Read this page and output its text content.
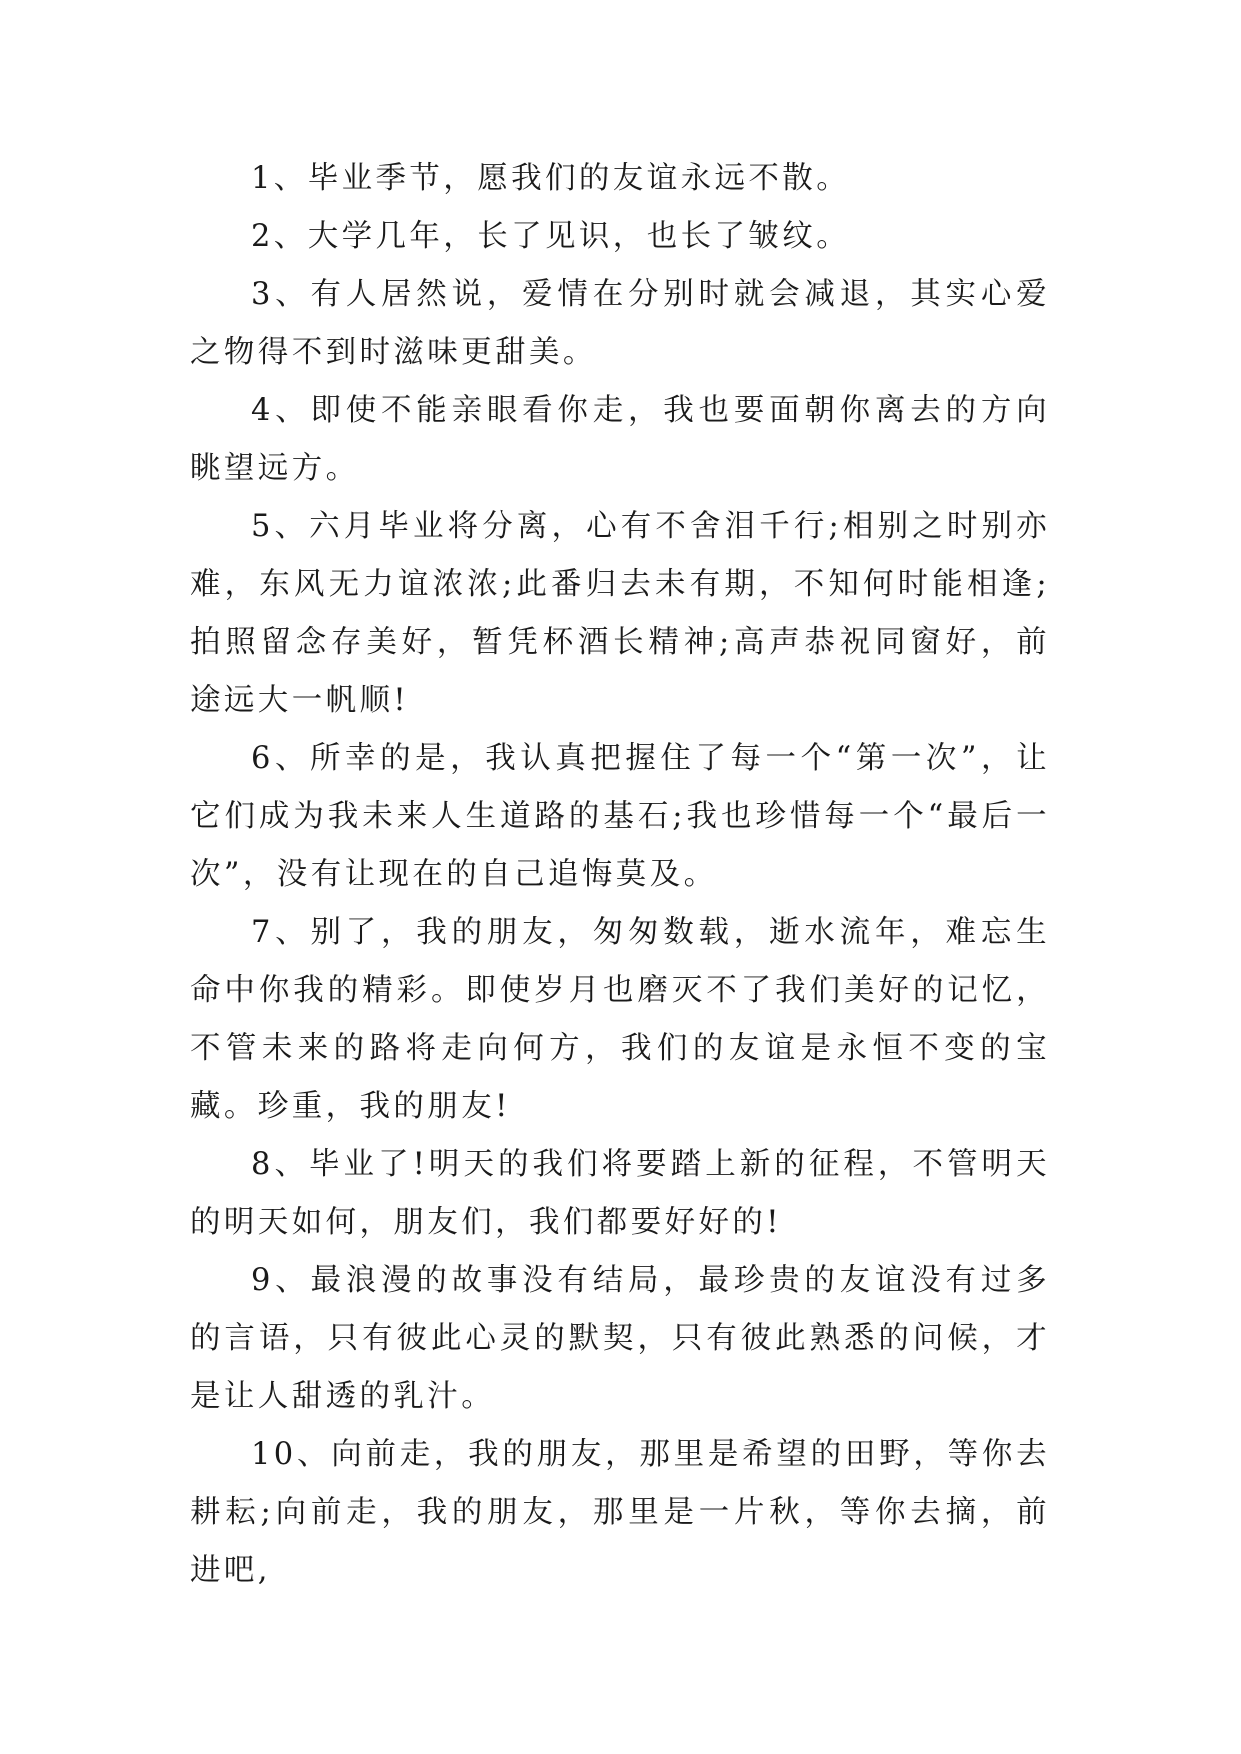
1、毕业季节，愿我们的友谊永远不散。

2、大学几年，长了见识，也长了皱纹。

3、有人居然说，爱情在分别时就会减退，其实心爱之物得不到时滋味更甜美。

4、即使不能亲眼看你走，我也要面朝你离去的方向眺望远方。

5、六月毕业将分离，心有不舍泪千行;相别之时别亦难，东风无力谊浓浓;此番归去未有期，不知何时能相逢;拍照留念存美好，暂凭杯酒长精神;高声恭祝同窗好，前途远大一帆顺!

6、所幸的是，我认真把握住了每一个“第一次”，让它们成为我未来人生道路的基石;我也珍惜每一个“最后一次”，没有让现在的自己追悔莫及。

7、别了，我的朋友，匆匆数载，逝水流年，难忘生命中你我的精彩。即使岁月也磨灭不了我们美好的记忆，不管未来的路将走向何方，我们的友谊是永恒不变的宝藏。珍重，我的朋友!

8、毕业了!明天的我们将要踏上新的征程，不管明天的明天如何，朋友们，我们都要好好的!

9、最浪漫的故事没有结局，最珍贵的友谊没有过多的言语，只有彼此心灵的默契，只有彼此熟悉的问候，才是让人甜透的乳汁。

10、向前走，我的朋友，那里是希望的田野，等你去耕耘;向前走，我的朋友，那里是一片秋，等你去摘，前进吧,
